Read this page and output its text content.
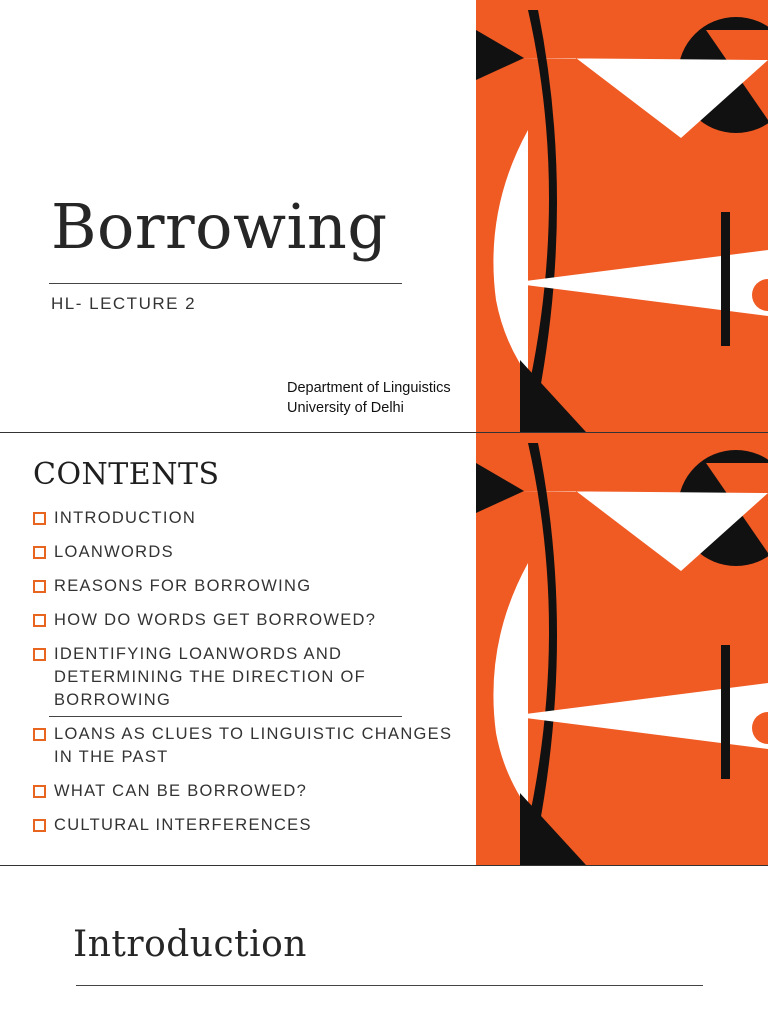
Borrowing
HL- LECTURE 2
Department of Linguistics
University of Delhi
CONTENTS
INTRODUCTION
LOANWORDS
REASONS FOR BORROWING
HOW DO WORDS GET BORROWED?
IDENTIFYING LOANWORDS AND DETERMINING THE DIRECTION OF BORROWING
LOANS AS CLUES TO LINGUISTIC CHANGES IN THE PAST
WHAT CAN BE BORROWED?
CULTURAL INTERFERENCES
Introduction
